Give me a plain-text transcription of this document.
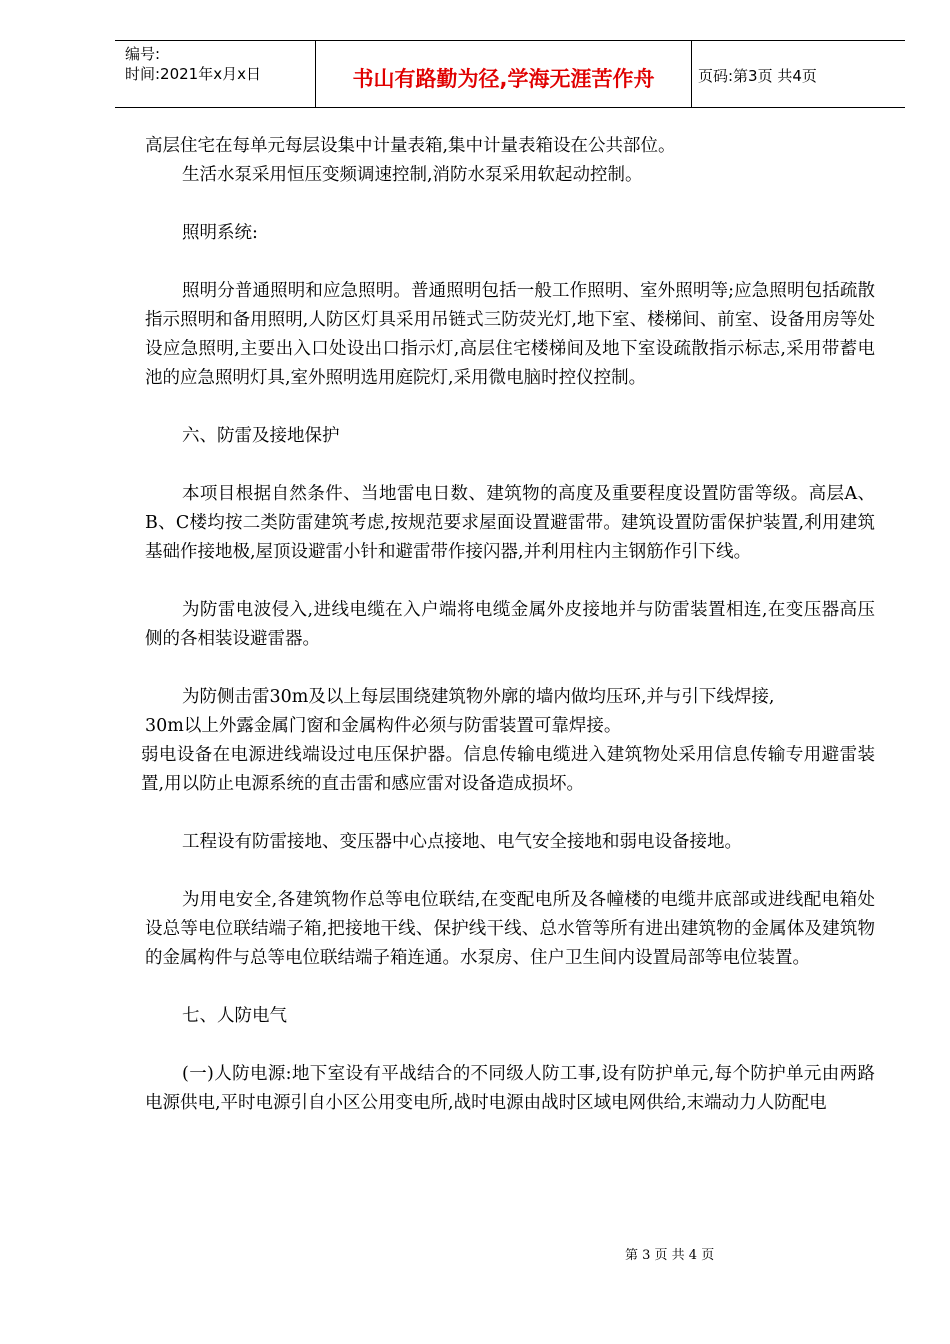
编号:
时间:2021年x月x日	书山有路勤为径,学海无涯苦作舟	页码:第3页 共4页

高层住宅在每单元每层设集中计量表箱,集中计量表箱设在公共部位。

生活水泵采用恒压变频调速控制,消防水泵采用软起动控制。

照明系统:

照明分普通照明和应急照明。普通照明包括一般工作照明、室外照明等;应急照明包括疏散指示照明和备用照明,人防区灯具采用吊链式三防荧光灯,地下室、楼梯间、前室、设备用房等处设应急照明,主要出入口处设出口指示灯,高层住宅楼梯间及地下室设疏散指示标志,采用带蓄电池的应急照明灯具,室外照明选用庭院灯,采用微电脑时控仪控制。

六、防雷及接地保护

本项目根据自然条件、当地雷电日数、建筑物的高度及重要程度设置防雷等级。高层A、B、C楼均按二类防雷建筑考虑,按规范要求屋面设置避雷带。建筑设置防雷保护装置,利用建筑基础作接地极,屋顶设避雷小针和避雷带作接闪器,并利用柱内主钢筋作引下线。

为防雷电波侵入,进线电缆在入户端将电缆金属外皮接地并与防雷装置相连,在变压器高压侧的各相装设避雷器。

为防侧击雷30m及以上每层围绕建筑物外廓的墙内做均压环,并与引下线焊接,

30m以上外露金属门窗和金属构件必须与防雷装置可靠焊接。

弱电设备在电源进线端设过电压保护器。信息传输电缆进入建筑物处采用信息传输专用避雷装置,用以防止电源系统的直击雷和感应雷对设备造成损坏。

工程设有防雷接地、变压器中心点接地、电气安全接地和弱电设备接地。

为用电安全,各建筑物作总等电位联结,在变配电所及各幢楼的电缆井底部或进线配电箱处设总等电位联结端子箱,把接地干线、保护线干线、总水管等所有进出建筑物的金属体及建筑物的金属构件与总等电位联结端子箱连通。水泵房、住户卫生间内设置局部等电位装置。

七、人防电气

(一)人防电源:地下室设有平战结合的不同级人防工事,设有防护单元,每个防护单元由两路电源供电,平时电源引自小区公用变电所,战时电源由战时区域电网供给,末端动力人防配电

第 3 页 共 4 页
